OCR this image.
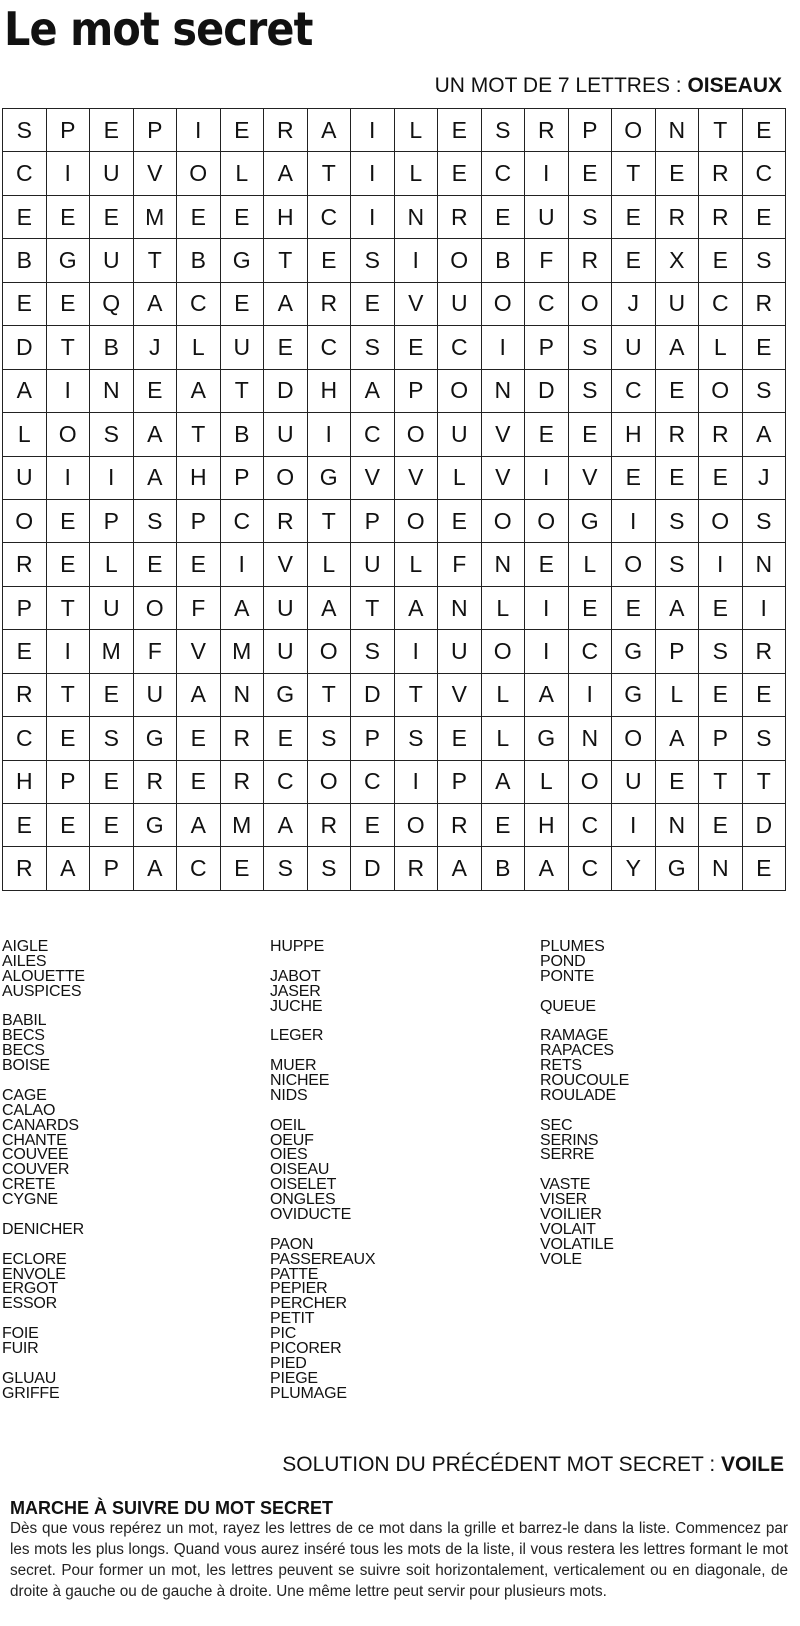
Le mot secret
UN MOT DE 7 LETTRES : OISEAUX
S	P	E	P	I	E	R	A	I	L	E	S	R	P	O	N	T	E
C	I	U	V	O	L	A	T	I	L	E	C	I	E	T	E	R	C
E	E	E	M	E	E	H	C	I	N	R	E	U	S	E	R	R	E
B	G	U	T	B	G	T	E	S	I	O	B	F	R	E	X	E	S
E	E	Q	A	C	E	A	R	E	V	U	O	C	O	J	U	C	R
D	T	B	J	L	U	E	C	S	E	C	I	P	S	U	A	L	E
A	I	N	E	A	T	D	H	A	P	O	N	D	S	C	E	O	S
L	O	S	A	T	B	U	I	C	O	U	V	E	E	H	R	R	A
U	I	I	A	H	P	O	G	V	V	L	V	I	V	E	E	E	J
O	E	P	S	P	C	R	T	P	O	E	O	O	G	I	S	O	S
R	E	L	E	E	I	V	L	U	L	F	N	E	L	O	S	I	N
P	T	U	O	F	A	U	A	T	A	N	L	I	E	E	A	E	I
E	I	M	F	V	M	U	O	S	I	U	O	I	C	G	P	S	R
R	T	E	U	A	N	G	T	D	T	V	L	A	I	G	L	E	E
C	E	S	G	E	R	E	S	P	S	E	L	G	N	O	A	P	S
H	P	E	R	E	R	C	O	C	I	P	A	L	O	U	E	T	T
E	E	E	G	A	M	A	R	E	O	R	E	H	C	I	N	E	D
R	A	P	A	C	E	S	S	D	R	A	B	A	C	Y	G	N	E
AIGLE
AILES
ALOUETTE
AUSPICES
BABIL
BECS
BECS
BOISE
CAGE
CALAO
CANARDS
CHANTE
COUVEE
COUVER
CRETE
CYGNE
DENICHER
ECLORE
ENVOLE
ERGOT
ESSOR
FOIE
FUIR
GLUAU
GRIFFE
HUPPE
JABOT
JASER
JUCHE
LEGER
MUER
NICHEE
NIDS
OEIL
OEUF
OIES
OISEAU
OISELET
ONGLES
OVIDUCTE
PAON
PASSEREAUX
PATTE
PEPIER
PERCHER
PETIT
PIC
PICORER
PIED
PIEGE
PLUMAGE
PLUMES
POND
PONTE
QUEUE
RAMAGE
RAPACES
RETS
ROUCOULE
ROULADE
SEC
SERINS
SERRE
VASTE
VISER
VOILIER
VOLAIT
VOLATILE
VOLE
SOLUTION DU PRÉCÉDENT MOT SECRET : VOILE
MARCHE À SUIVRE DU MOT SECRET
Dès que vous repérez un mot, rayez les lettres de ce mot dans la grille et barrez-le dans la liste. Commencez par les mots les plus longs. Quand vous aurez inséré tous les mots de la liste, il vous restera les lettres formant le mot secret. Pour former un mot, les lettres peuvent se suivre soit horizontalement, verticalement ou en diagonale, de droite à gauche ou de gauche à droite. Une même lettre peut servir pour plusieurs mots.
